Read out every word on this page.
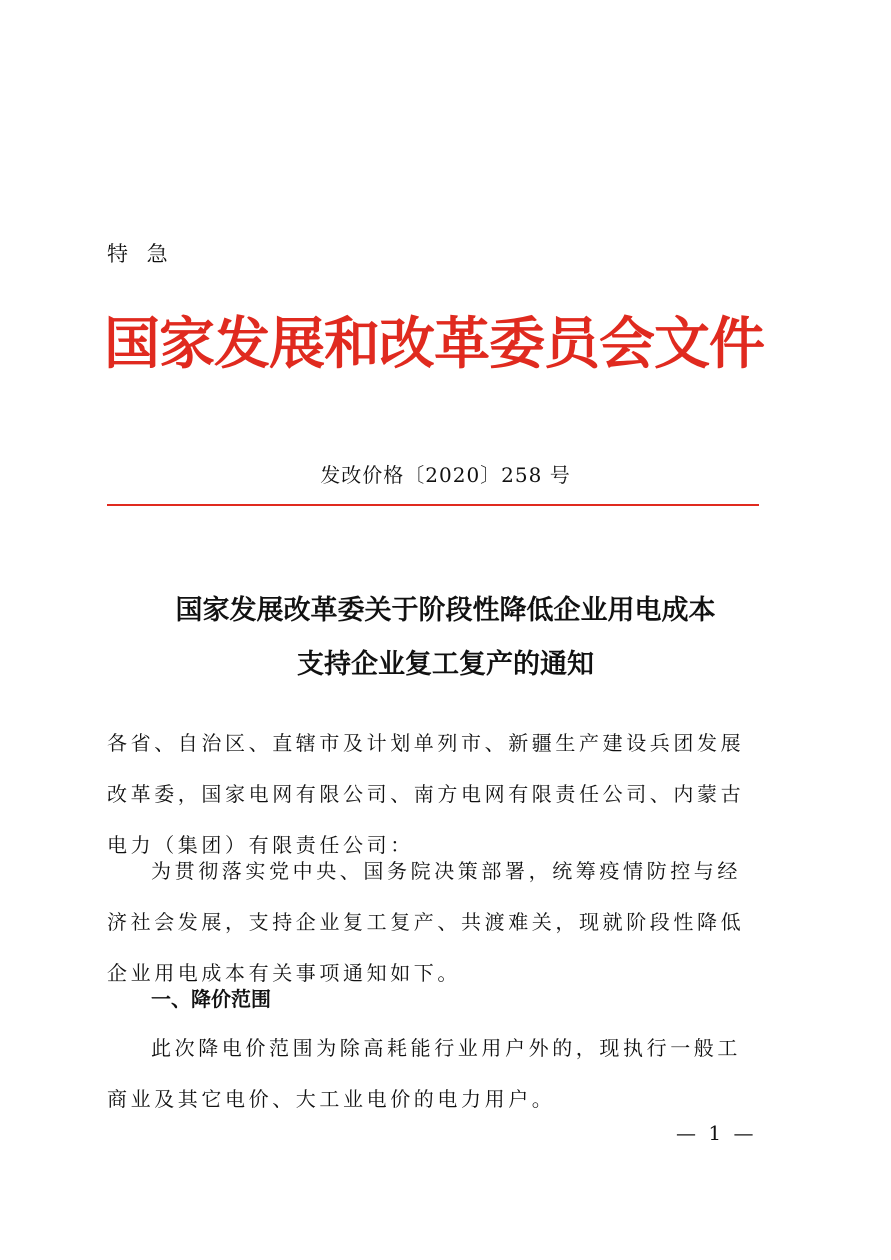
特 急
国家发展和改革委员会文件
发改价格〔2020〕258 号
国家发展改革委关于阶段性降低企业用电成本
支持企业复工复产的通知
各省、自治区、直辖市及计划单列市、新疆生产建设兵团发展改革委，国家电网有限公司、南方电网有限责任公司、内蒙古电力（集团）有限责任公司：
为贯彻落实党中央、国务院决策部署，统筹疫情防控与经济社会发展，支持企业复工复产、共渡难关，现就阶段性降低企业用电成本有关事项通知如下。
一、降价范围
此次降电价范围为除高耗能行业用户外的，现执行一般工商业及其它电价、大工业电价的电力用户。
— 1 —
